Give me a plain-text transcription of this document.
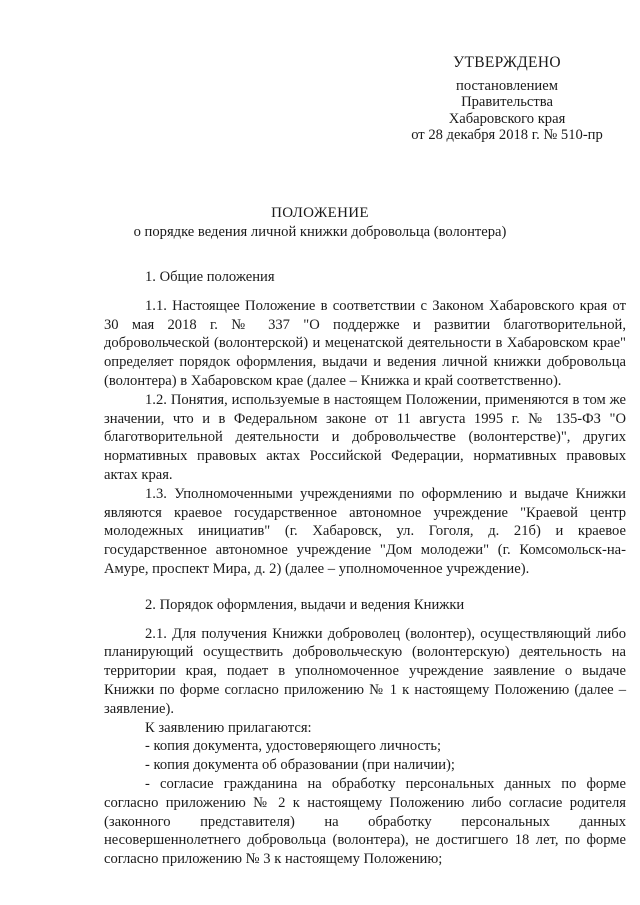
УТВЕРЖДЕНО
постановлением
Правительства
Хабаровского края
от 28 декабря 2018 г. № 510-пр
ПОЛОЖЕНИЕ
о порядке ведения личной книжки добровольца (волонтера)

1. Общие положения

1.1. Настоящее Положение в соответствии с Законом Хабаровского края от 30 мая 2018 г. № 337 "О поддержке и развитии благотворительной, добровольческой (волонтерской) и меценатской деятельности в Хабаровском крае" определяет порядок оформления, выдачи и ведения личной книжки добровольца (волонтера) в Хабаровском крае (далее – Книжка и край соответственно).

1.2. Понятия, используемые в настоящем Положении, применяются в том же значении, что и в Федеральном законе от 11 августа 1995 г. № 135-ФЗ "О благотворительной деятельности и добровольчестве (волонтерстве)", других нормативных правовых актах Российской Федерации, нормативных правовых актах края.

1.3. Уполномоченными учреждениями по оформлению и выдаче Книжки являются краевое государственное автономное учреждение "Краевой центр молодежных инициатив" (г. Хабаровск, ул. Гоголя, д. 21б) и краевое государственное автономное учреждение "Дом молодежи" (г. Комсомольск-на-Амуре, проспект Мира, д. 2) (далее – уполномоченное учреждение).

2. Порядок оформления, выдачи и ведения Книжки

2.1. Для получения Книжки доброволец (волонтер), осуществляющий либо планирующий осуществить добровольческую (волонтерскую) деятельность на территории края, подает в уполномоченное учреждение заявление о выдаче Книжки по форме согласно приложению № 1 к настоящему Положению (далее – заявление).

К заявлению прилагаются:

- копия документа, удостоверяющего личность;

- копия документа об образовании (при наличии);

- согласие гражданина на обработку персональных данных по форме согласно приложению № 2 к настоящему Положению либо согласие родителя (законного представителя) на обработку персональных данных несовершеннолетнего добровольца (волонтера), не достигшего 18 лет, по форме согласно приложению № 3 к настоящему Положению;
